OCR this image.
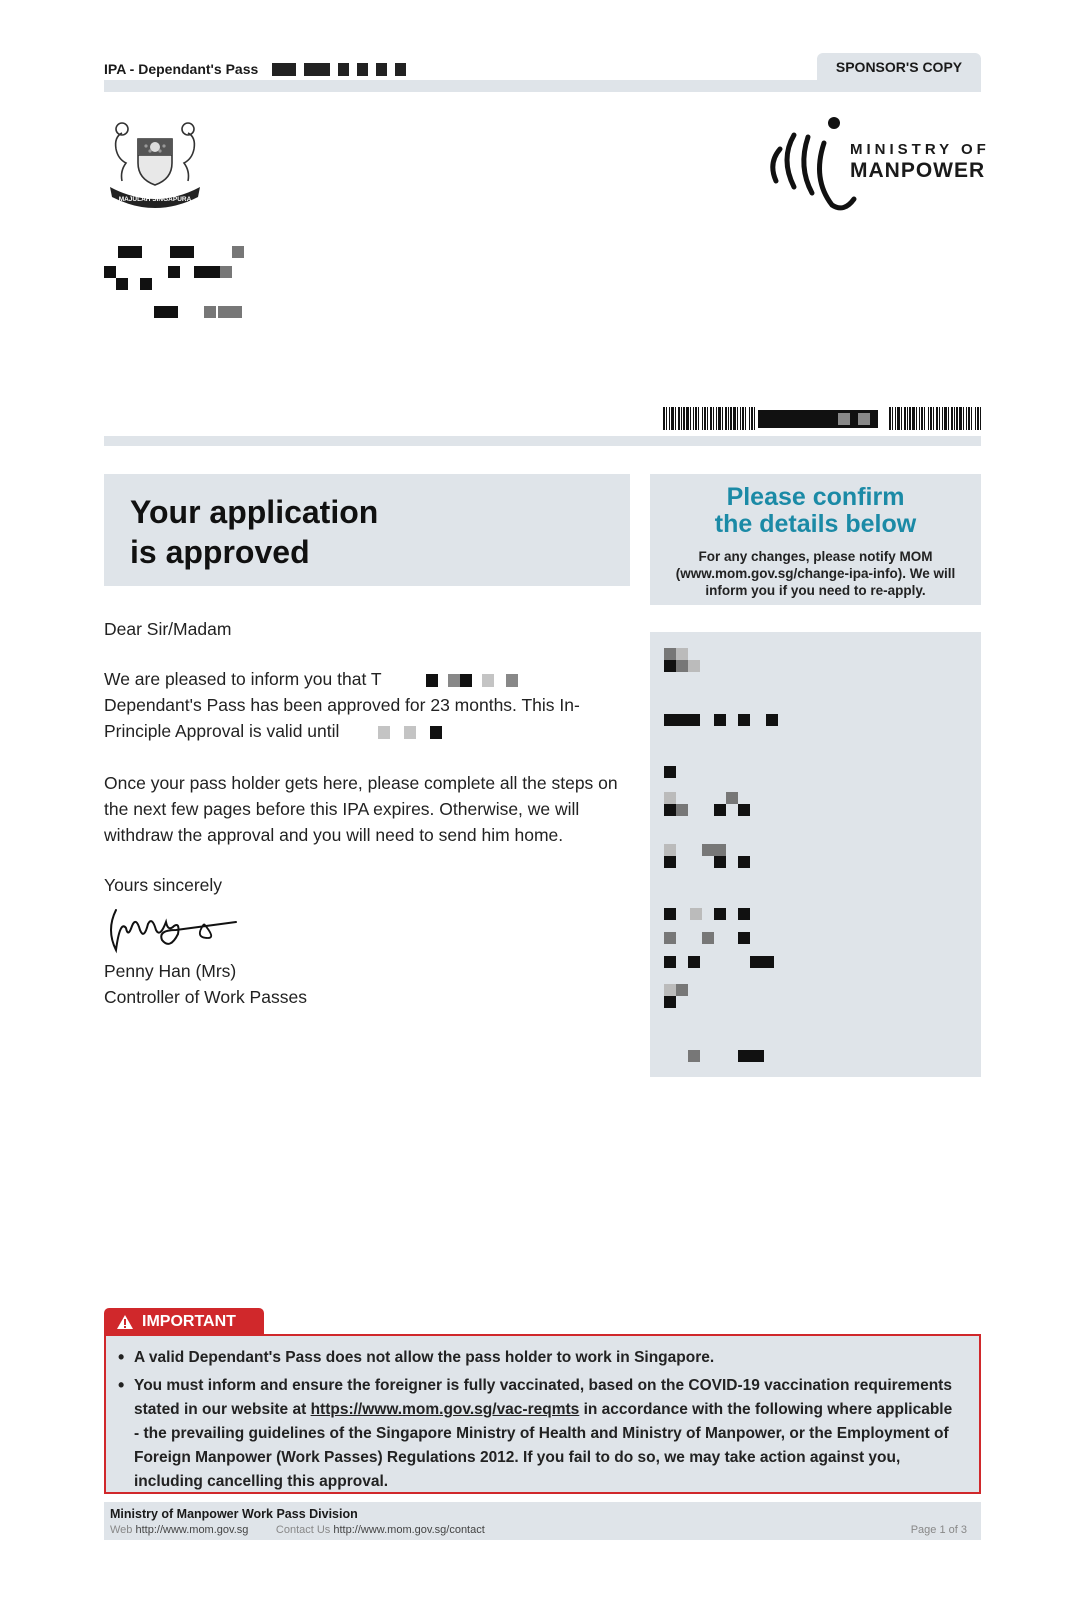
IPA - Dependant's Pass	SPONSOR'S COPY
MAJULAH SINGAPURA
MINISTRY OF
MANPOWER
Your application
is approved
Please confirm
the details below
For any changes, please notify MOM (www.mom.gov.sg/change-ipa-info). We will inform you if you need to re-apply.

Dear Sir/Madam

We are pleased to inform you that T

Dependant's Pass has been approved for 23 months. This In-Principle Approval is valid until

Once your pass holder gets here, please complete all the steps on the next few pages before this IPA expires. Otherwise, we will withdraw the approval and you will need to send him home.

Yours sincerely

Penny Han (Mrs)

Controller of Work Passes

IMPORTANT
• A valid Dependant's Pass does not allow the pass holder to work in Singapore.
• You must inform and ensure the foreigner is fully vaccinated, based on the COVID-19 vaccination requirements stated in our website at https://www.mom.gov.sg/vac-reqmts in accordance with the following where applicable - the prevailing guidelines of the Singapore Ministry of Health and Ministry of Manpower, or the Employment of Foreign Manpower (Work Passes) Regulations 2012. If you fail to do so, we may take action against you, including cancelling this approval.
Ministry of Manpower Work Pass Division
Web http://www.mom.gov.sg	Contact Us http://www.mom.gov.sg/contact	Page 1 of 3
